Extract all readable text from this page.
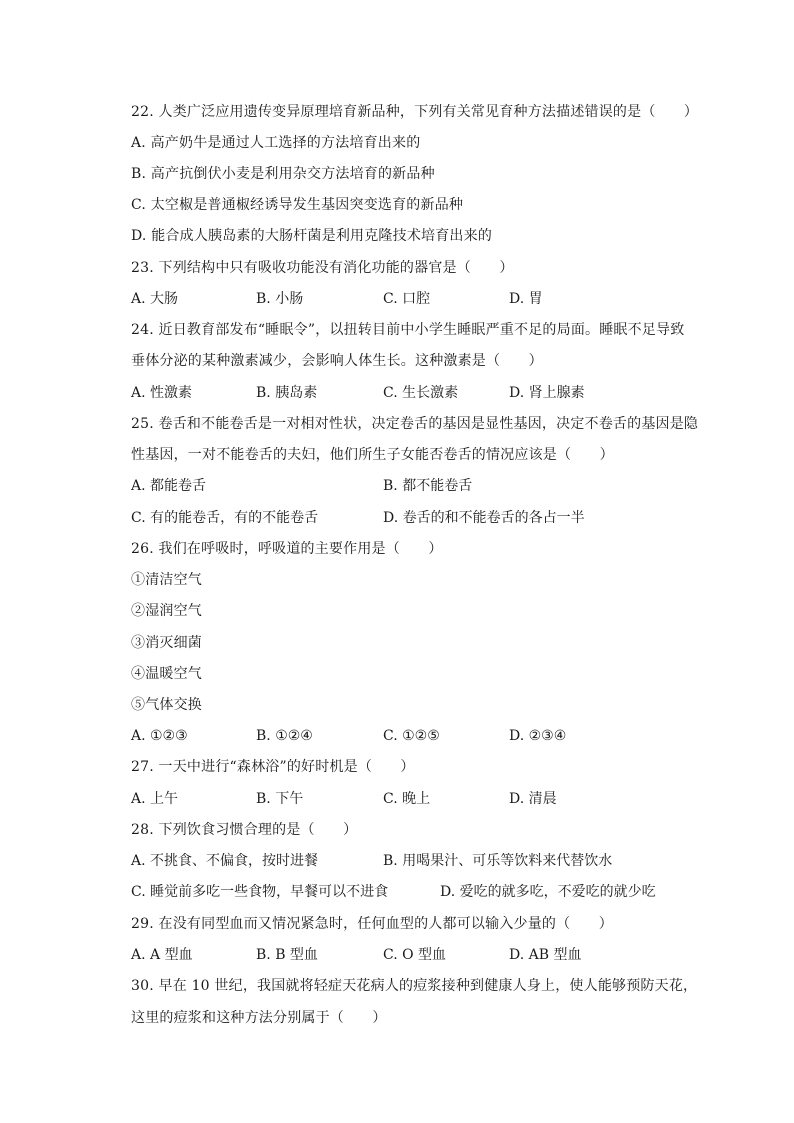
22. 人类广泛应用遗传变异原理培育新品种，下列有关常见育种方法描述错误的是（　　）
A. 高产奶牛是通过人工选择的方法培育出来的
B. 高产抗倒伏小麦是利用杂交方法培育的新品种
C. 太空椒是普通椒经诱导发生基因突变选育的新品种
D. 能合成人胰岛素的大肠杆菌是利用克隆技术培育出来的
23. 下列结构中只有吸收功能没有消化功能的器官是（　　）
A. 大肠	B. 小肠	C. 口腔	D. 胃
24. 近日教育部发布“睡眠令”，以扭转目前中小学生睡眠严重不足的局面。睡眠不足导致
垂体分泌的某种激素减少，会影响人体生长。这种激素是（　　）
A. 性激素	B. 胰岛素	C. 生长激素	D. 肾上腺素
25. 卷舌和不能卷舌是一对相对性状，决定卷舌的基因是显性基因，决定不卷舌的基因是隐
性基因，一对不能卷舌的夫妇，他们所生子女能否卷舌的情况应该是（　　）
A. 都能卷舌	B. 都不能卷舌
C. 有的能卷舌，有的不能卷舌	D. 卷舌的和不能卷舌的各占一半
26. 我们在呼吸时，呼吸道的主要作用是（　　）
①清洁空气
②湿润空气
③消灭细菌
④温暖空气
⑤气体交换
A. ①②③	B. ①②④	C. ①②⑤	D. ②③④
27. 一天中进行“森林浴”的好时机是（　　）
A. 上午	B. 下午	C. 晚上	D. 清晨
28. 下列饮食习惯合理的是（　　）
A. 不挑食、不偏食，按时进餐	B. 用喝果汁、可乐等饮料来代替饮水
C. 睡觉前多吃一些食物，早餐可以不进食	D. 爱吃的就多吃，不爱吃的就少吃
29. 在没有同型血而又情况紧急时，任何血型的人都可以输入少量的（　　）
A. A 型血	B. B 型血	C. O 型血	D. AB 型血
30. 早在 10 世纪，我国就将轻症天花病人的痘浆接种到健康人身上，使人能够预防天花，
这里的痘浆和这种方法分别属于（　　）
